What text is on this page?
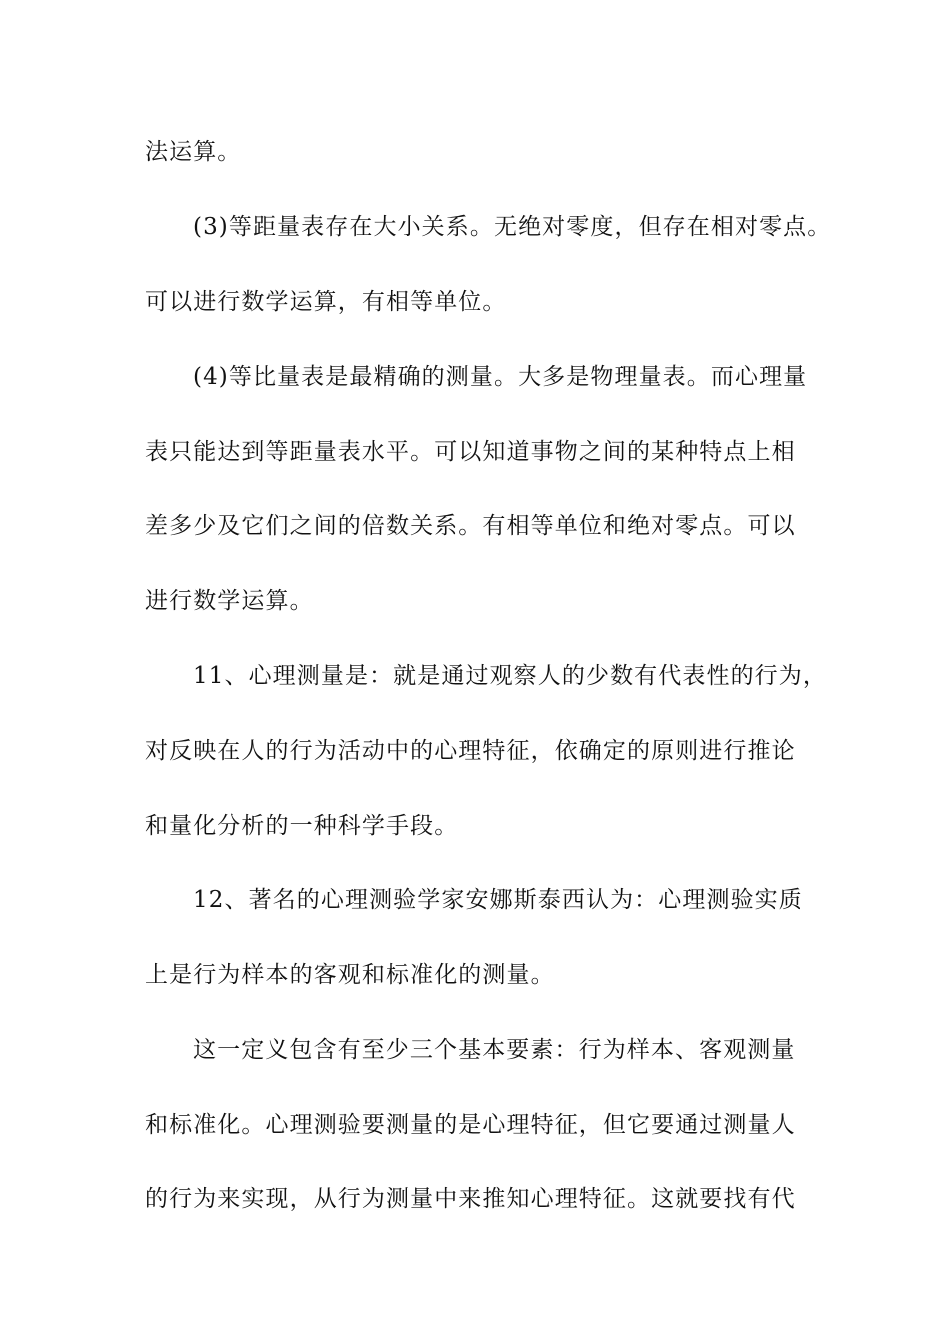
法运算。
(3)等距量表存在大小关系。无绝对零度，但存在相对零点。
可以进行数学运算，有相等单位。
(4)等比量表是最精确的测量。大多是物理量表。而心理量
表只能达到等距量表水平。可以知道事物之间的某种特点上相
差多少及它们之间的倍数关系。有相等单位和绝对零点。可以
进行数学运算。
11、心理测量是：就是通过观察人的少数有代表性的行为，
对反映在人的行为活动中的心理特征，依确定的原则进行推论
和量化分析的一种科学手段。
12、著名的心理测验学家安娜斯泰西认为：心理测验实质
上是行为样本的客观和标准化的测量。
这一定义包含有至少三个基本要素：行为样本、客观测量
和标准化。心理测验要测量的是心理特征，但它要通过测量人
的行为来实现，从行为测量中来推知心理特征。这就要找有代
